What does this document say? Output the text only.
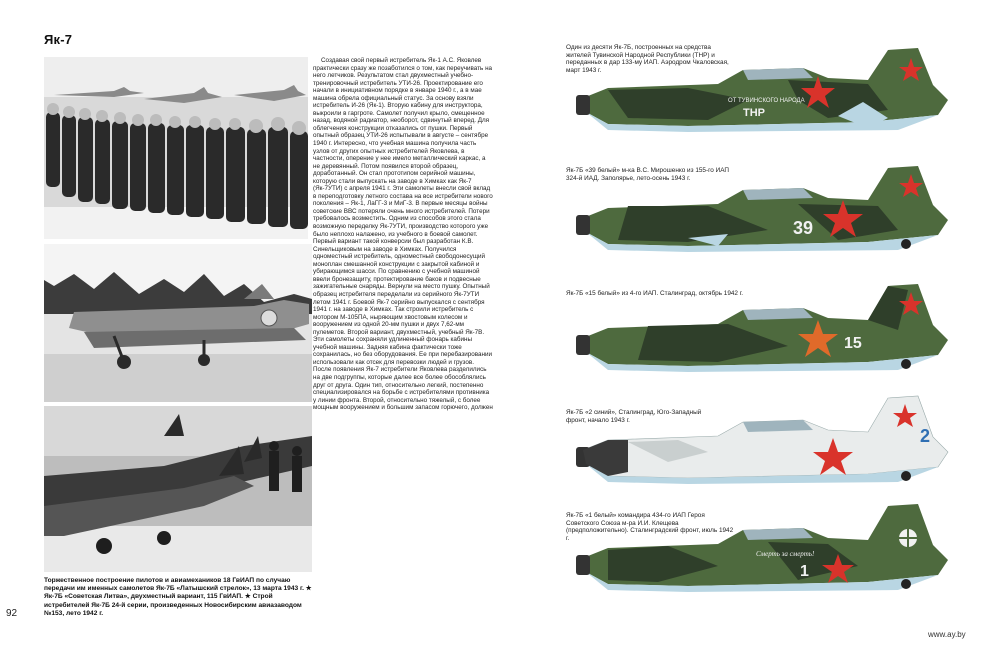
Як-7

Создавая свой первый истребитель Як-1 А.С. Яковлев практически сразу же позаботился о том, как переучивать на него летчиков. Результатом стал двухместный учебно-тренировочный истребитель УТИ-26. Проектирование его начали в инициативном порядке в январе 1940 г., а в мае машина обрела официальный статус. За основу взяли истребитель И-26 (Як-1). Вторую кабину для инструктора, выкроили в гаргроте. Самолет получил крыло, смещенное назад, водяной радиатор, необорот, сдвинутый вперед. Для облегчения конструкции отказались от пушки. Первый опытный образец УТИ-26 испытывали в августе – сентябре 1940 г. Интересно, что учебная машина получила часть узлов от других опытных истребителей Яковлева, в частности, оперение у нее имело металлический каркас, а не деревянный. Потом появился второй образец, доработанный. Он стал прототипом серийной машины, которую стали выпускать на заводе в Химках как Як-7 (Як-7УТИ) с апреля 1941 г. Эти самолеты внесли свой вклад в переподготовку летного состава на все истребители нового поколения – Як-1, ЛаГГ-3 и МиГ-3. В первые месяцы войны советские ВВС потеряли очень много истребителей. Потери требовалось возместить. Одним из способов этого стала возможную переделку Як-7УТИ, производство которого уже было неплохо налажено, из учебного в боевой самолет. Первый вариант такой конверсии был разработан К.В. Синельщиковым на заводе в Химках. Получился одноместный истребитель, одноместный свободонесущий моноплан смешанной конструкции с закрытой кабиной и убирающимся шасси. По сравнению с учебной машиной ввели бронезащиту, протектирование баков и подвесные зажигательные снаряды. Вернули на место пушку. Опытный образец истребителя переделали из серийного Як-7УТИ летом 1941 г. Боевой Як-7 серийно выпускался с сентября 1941 г. на заводе в Химках. Так строили истребитель с мотором М-105ПА, ныряющим хвостовым колесом и вооружением из одной 20-мм пушки и двух 7,62-мм пулеметов. Второй вариант, двухместный, учебный Як-7В. Эти самолеты сохраняли удлиненный фонарь кабины учебной машины. Задняя кабина фактически тоже сохранилась, но без оборудования. Ее при перебазировании использовали как отсек для перевозки людей и грузов. После появления Як-7 истребители Яковлева разделились на две подгруппы, которые далее все более обособлялись друг от друга. Один тип, относительно легкий, постепенно специализировался на борьбе с истребителями противника у линии фронта. Второй, относительно тяжелый, с более мощным вооружением и большим запасом горючего, должен

Торжественное построение пилотов и авиамехаников 18 ГвИАП по случаю передачи им именных самолетов Як-7Б «Латышский стрелок», 13 марта 1943 г. ★ Як-7Б «Советская Литва», двухместный вариант, 115 ГвИАП. ★ Строй истребителей Як-7Б 24-й серии, произведенных Новосибирским авиазаводом №153, лето 1942 г.
92
Один из десяти Як-7Б, построенных на средства жителей Тувинской Народной Республики (ТНР) и переданных в дар 133-му ИАП. Аэродром Чкаловская, март 1943 г.
Як-7Б «39 белый» м-ка В.С. Мирошенко из 155-го ИАП 324-й ИАД. Заполярье, лето-осень 1943 г.
Як-7Б «15 белый» из 4-го ИАП. Сталинград, октябрь 1942 г.
Як-7Б «2 синий», Сталинград, Юго-Западный фронт, начало 1943 г.
Як-7Б «1 белый» командира 434-го ИАП Героя Советского Союза м-ра И.И. Клещева (предположительно). Сталинградский фронт, июль 1942 г.
ОТ ТУВИНСКОГО НАРОДА
ТНР
39
15
2
Смерть за смерть!
1
www.ay.by
